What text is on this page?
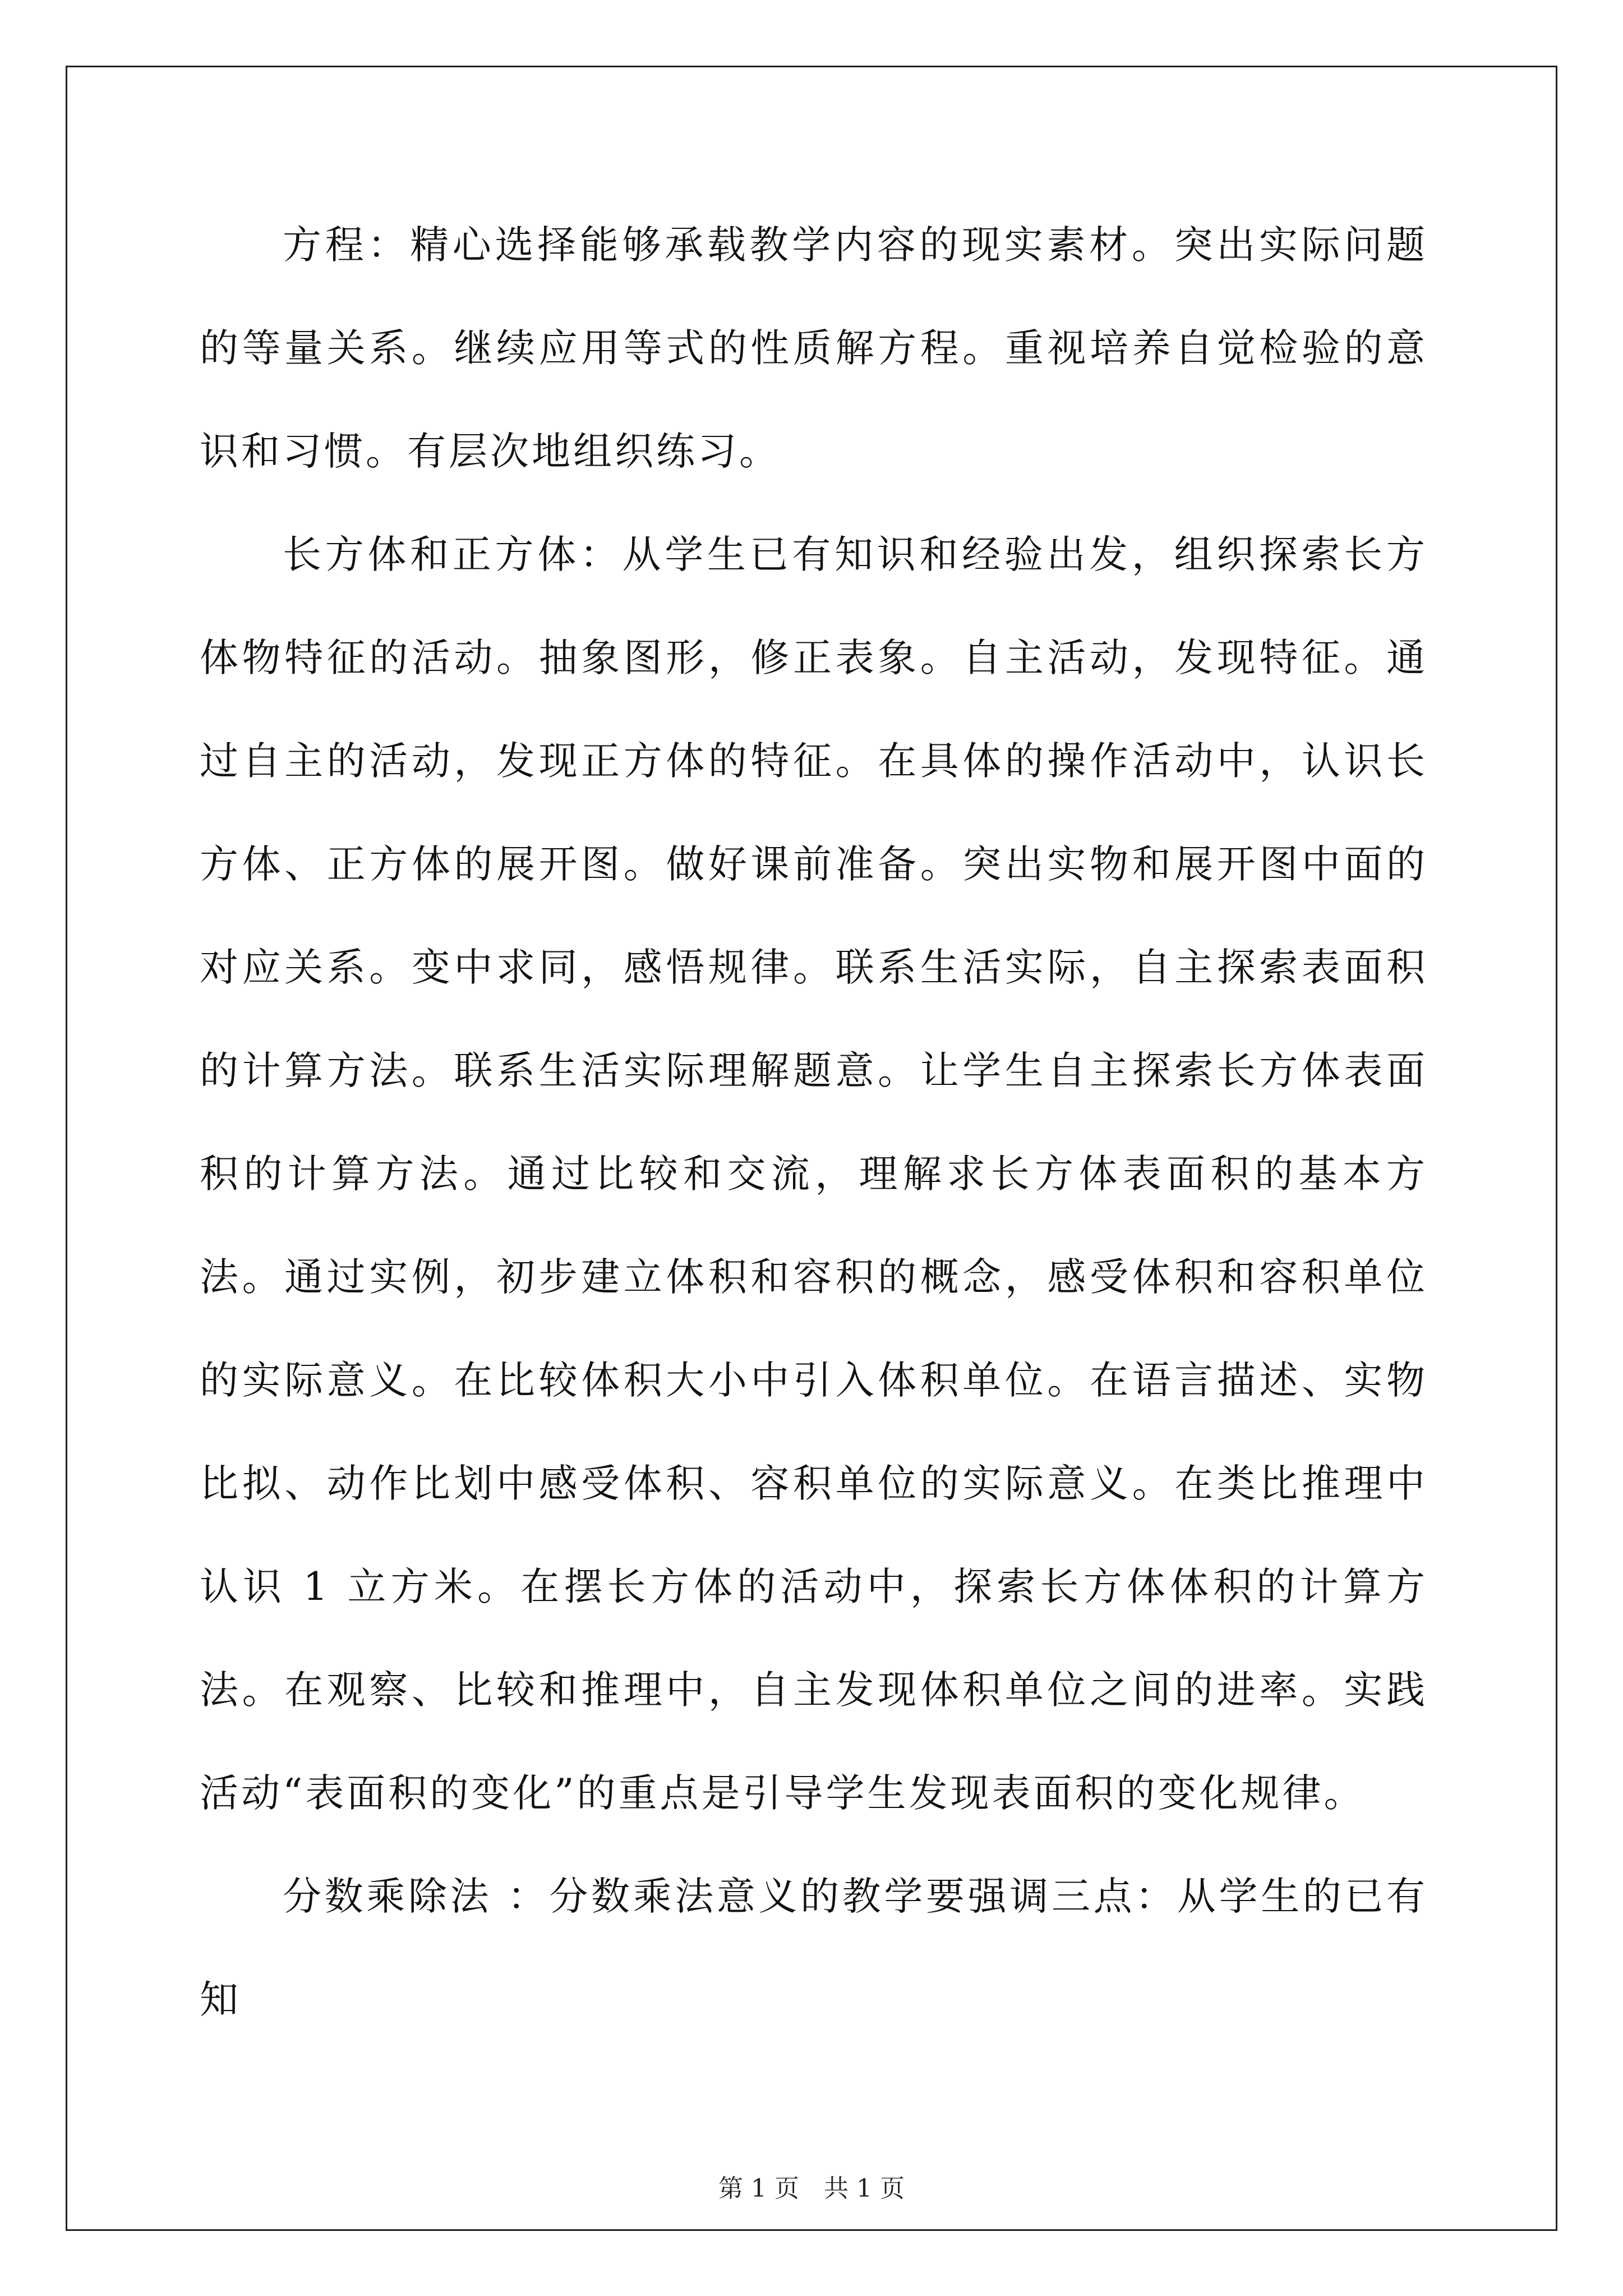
方程：精心选择能够承载教学内容的现实素材。突出实际问题的等量关系。继续应用等式的性质解方程。重视培养自觉检验的意识和习惯。有层次地组织练习。

长方体和正方体：从学生已有知识和经验出发，组织探索长方体物特征的活动。抽象图形，修正表象。自主活动，发现特征。通过自主的活动，发现正方体的特征。在具体的操作活动中，认识长方体、正方体的展开图。做好课前准备。突出实物和展开图中面的对应关系。变中求同，感悟规律。联系生活实际，自主探索表面积的计算方法。联系生活实际理解题意。让学生自主探索长方体表面积的计算方法。通过比较和交流，理解求长方体表面积的基本方法。通过实例，初步建立体积和容积的概念，感受体积和容积单位的实际意义。在比较体积大小中引入体积单位。在语言描述、实物比拟、动作比划中感受体积、容积单位的实际意义。在类比推理中认识 1 立方米。在摆长方体的活动中，探索长方体体积的计算方法。在观察、比较和推理中，自主发现体积单位之间的进率。实践活动“表面积的变化”的重点是引导学生发现表面积的变化规律。

分数乘除法 ：分数乘法意义的教学要强调三点：从学生的已有知

第 1 页　共 1 页
